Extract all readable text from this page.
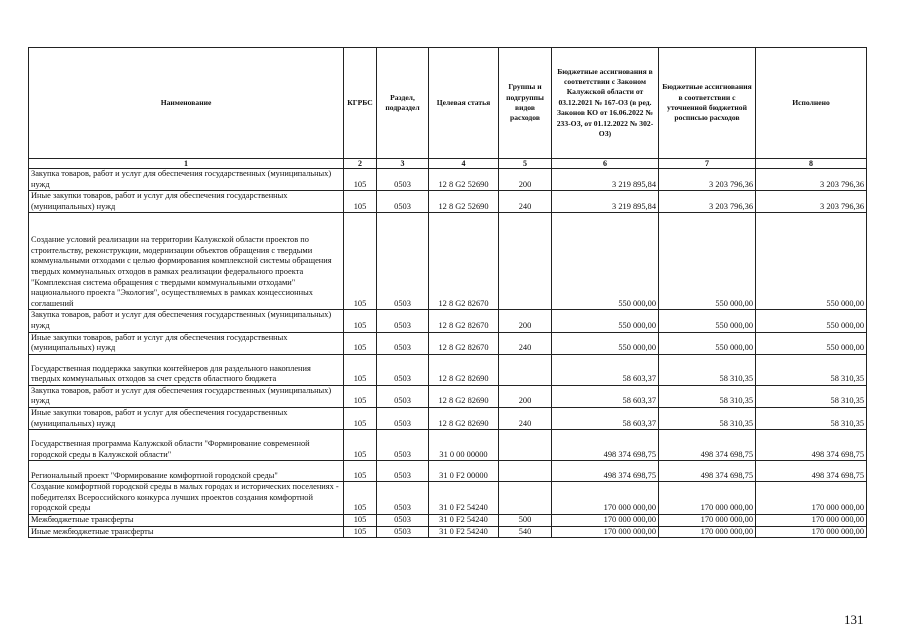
Наименование	КГРБС	Раздел, подраздел	Целевая статья	Группы и подгруппы видов расходов	Бюджетные ассигнования в соответствии с Законом Калужской области от 03.12.2021 № 167-ОЗ (в ред. Законов КО от 16.06.2022 № 233-ОЗ, от 01.12.2022 № 302-ОЗ)	Бюджетные ассигнования в соответствии с уточненной бюджетной росписью расходов	Исполнено
1	2	3	4	5	6	7	8
Закупка товаров, работ и услуг для обеспечения государственных (муниципальных) нужд	105	0503	12 8 G2 52690	200	3 219 895,84	3 203 796,36	3 203 796,36
Иные закупки товаров, работ и услуг для обеспечения государственных (муниципальных) нужд	105	0503	12 8 G2 52690	240	3 219 895,84	3 203 796,36	3 203 796,36
Создание условий реализации на территории Калужской области проектов по строительству, реконструкции, модернизации объектов обращения с твердыми коммунальными отходами с целью формирования комплексной системы обращения твердых коммунальных отходов в рамках реализации федерального проекта "Комплексная система обращения с твердыми коммунальными отходами" национального проекта "Экология", осуществляемых в рамках концессионных соглашений	105	0503	12 8 G2 82670		550 000,00	550 000,00	550 000,00
Закупка товаров, работ и услуг для обеспечения государственных (муниципальных) нужд	105	0503	12 8 G2 82670	200	550 000,00	550 000,00	550 000,00
Иные закупки товаров, работ и услуг для обеспечения государственных (муниципальных) нужд	105	0503	12 8 G2 82670	240	550 000,00	550 000,00	550 000,00
Государственная поддержка закупки контейнеров для раздельного накопления твердых коммунальных отходов за счет средств областного бюджета	105	0503	12 8 G2 82690		58 603,37	58 310,35	58 310,35
Закупка товаров, работ и услуг для обеспечения государственных (муниципальных) нужд	105	0503	12 8 G2 82690	200	58 603,37	58 310,35	58 310,35
Иные закупки товаров, работ и услуг для обеспечения государственных (муниципальных) нужд	105	0503	12 8 G2 82690	240	58 603,37	58 310,35	58 310,35
Государственная программа Калужской области "Формирование современной городской среды в Калужской области"	105	0503	31 0 00 00000		498 374 698,75	498 374 698,75	498 374 698,75
Региональный проект "Формирование комфортной городской среды"	105	0503	31 0 F2 00000		498 374 698,75	498 374 698,75	498 374 698,75
Создание комфортной городской среды в малых городах и исторических поселениях - победителях Всероссийского конкурса лучших проектов создания комфортной городской среды	105	0503	31 0 F2 54240		170 000 000,00	170 000 000,00	170 000 000,00
Межбюджетные трансферты	105	0503	31 0 F2 54240	500	170 000 000,00	170 000 000,00	170 000 000,00
Иные межбюджетные трансферты	105	0503	31 0 F2 54240	540	170 000 000,00	170 000 000,00	170 000 000,00
131
